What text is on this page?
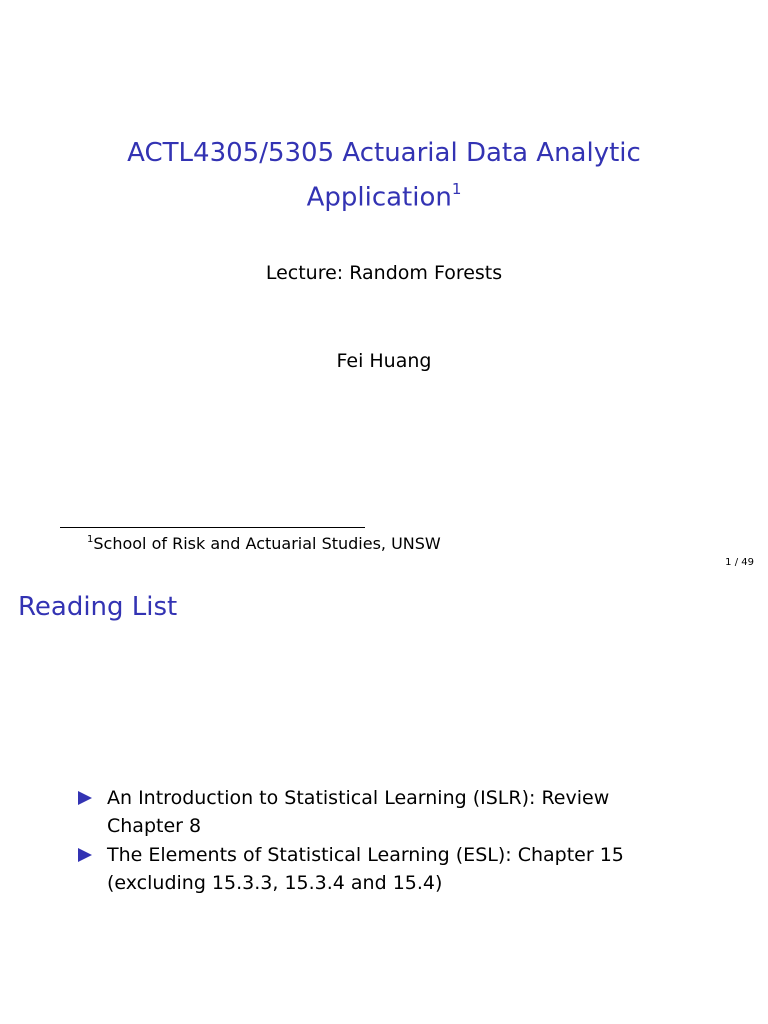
ACTL4305/5305 Actuarial Data Analytic
Application$^1$
Lecture: Random Forests
Fei Huang
$^1$School of Risk and Actuarial Studies, UNSW
1 / 49
Reading List
An Introduction to Statistical Learning (ISLR): Review Chapter 8
The Elements of Statistical Learning (ESL): Chapter 15 (excluding 15.3.3, 15.3.4 and 15.4)
